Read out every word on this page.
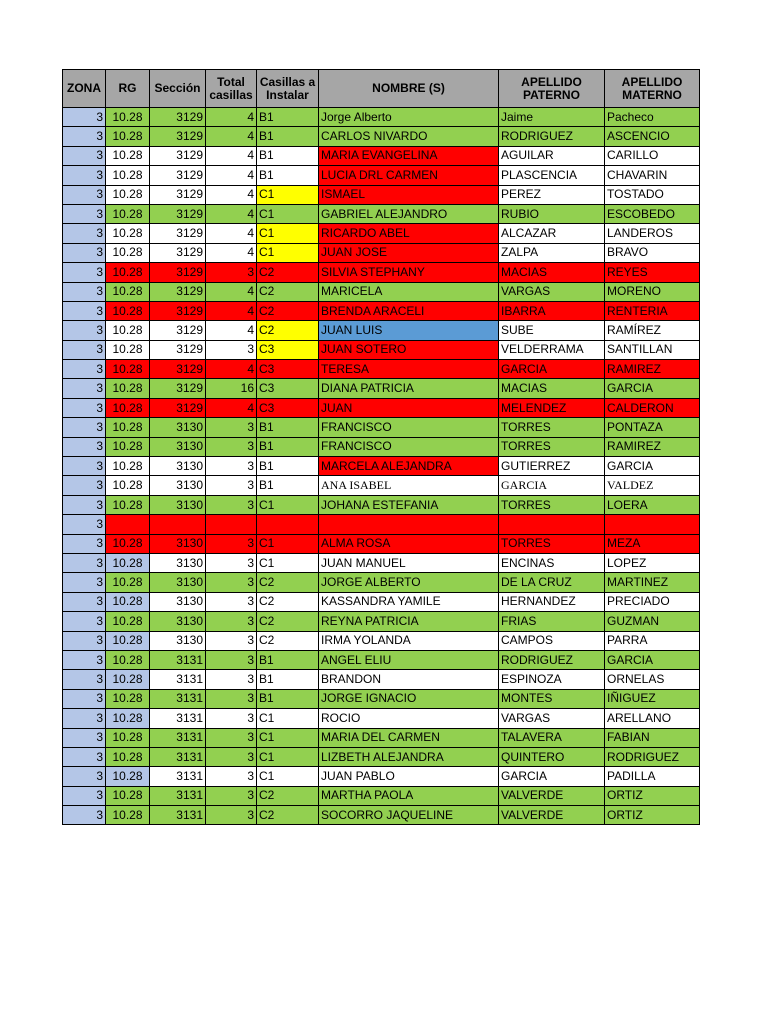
ZONA	RG	Sección	Total casillas	Casillas a Instalar	NOMBRE (S)	APELLIDO PATERNO	APELLIDO MATERNO
3	10.28	3129	4	B1	Jorge Alberto	Jaime	Pacheco
3	10.28	3129	4	B1	CARLOS NIVARDO	RODRIGUEZ	ASCENCIO
3	10.28	3129	4	B1	MARIA EVANGELINA	AGUILAR	CARILLO
3	10.28	3129	4	B1	LUCIA DRL CARMEN	PLASCENCIA	CHAVARIN
3	10.28	3129	4	C1	ISMAEL	PEREZ	TOSTADO
3	10.28	3129	4	C1	GABRIEL ALEJANDRO	RUBIO	ESCOBEDO
3	10.28	3129	4	C1	RICARDO ABEL	ALCAZAR	LANDEROS
3	10.28	3129	4	C1	JUAN JOSE	ZALPA	BRAVO
3	10.28	3129	3	C2	SILVIA STEPHANY	MACIAS	REYES
3	10.28	3129	4	C2	MARICELA	VARGAS	MORENO
3	10.28	3129	4	C2	BRENDA ARACELI	IBARRA	RENTERIA
3	10.28	3129	4	C2	JUAN LUIS	SUBE	RAMÍREZ
3	10.28	3129	3	C3	JUAN SOTERO	VELDERRAMA	SANTILLAN
3	10.28	3129	4	C3	TERESA	GARCIA	RAMIREZ
3	10.28	3129	16	C3	DIANA PATRICIA	MACIAS	GARCIA
3	10.28	3129	4	C3	JUAN	MELENDEZ	CALDERON
3	10.28	3130	3	B1	FRANCISCO	TORRES	PONTAZA
3	10.28	3130	3	B1	FRANCISCO	TORRES	RAMIREZ
3	10.28	3130	3	B1	MARCELA ALEJANDRA	GUTIERREZ	GARCIA
3	10.28	3130	3	B1	ANA ISABEL	GARCIA	VALDEZ
3	10.28	3130	3	C1	JOHANA ESTEFANIA	TORRES	LOERA
3							
3	10.28	3130	3	C1	ALMA ROSA	TORRES	MEZA
3	10.28	3130	3	C1	JUAN MANUEL	ENCINAS	LOPEZ
3	10.28	3130	3	C2	JORGE ALBERTO	DE LA CRUZ	MARTINEZ
3	10.28	3130	3	C2	KASSANDRA YAMILE	HERNANDEZ	PRECIADO
3	10.28	3130	3	C2	REYNA PATRICIA	FRIAS	GUZMAN
3	10.28	3130	3	C2	IRMA YOLANDA	CAMPOS	PARRA
3	10.28	3131	3	B1	ANGEL ELIU	RODRIGUEZ	GARCIA
3	10.28	3131	3	B1	BRANDON	ESPINOZA	ORNELAS
3	10.28	3131	3	B1	JORGE IGNACIO	MONTES	IÑIGUEZ
3	10.28	3131	3	C1	ROCIO	VARGAS	ARELLANO
3	10.28	3131	3	C1	MARIA DEL CARMEN	TALAVERA	FABIAN
3	10.28	3131	3	C1	LIZBETH ALEJANDRA	QUINTERO	RODRIGUEZ
3	10.28	3131	3	C1	JUAN PABLO	GARCIA	PADILLA
3	10.28	3131	3	C2	MARTHA PAOLA	VALVERDE	ORTIZ
3	10.28	3131	3	C2	SOCORRO JAQUELINE	VALVERDE	ORTIZ
